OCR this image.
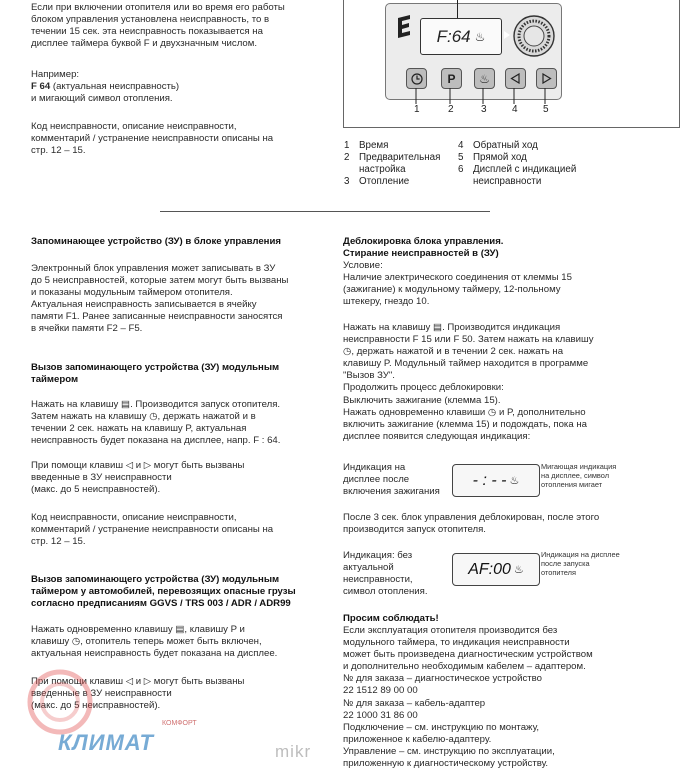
Если при включении отопителя или во время его работы
блоком управления установлена неисправность, то в
течении 15 сек. эта неисправность показывается на
дисплее таймера буквой F и двухзначным числом.
Например:
F 64 (актуальная неисправность)
и мигающий символ отопления.
Код неисправности, описание неисправности,
комментарий / устранение неисправности описаны на
стр. 12 – 15.
F:64 ♨
P ♨
1	2	3	4	5
1 Время
2 Предварительная настройка
3 Отопление
4 Обратный ход
5 Прямой ход
6 Дисплей с индикацией неисправности
Запоминающее устройство (ЗУ) в блоке управления
Электронный блок управления может записывать в ЗУ
до 5 неисправностей, которые затем могут быть вызваны
и показаны модульным таймером отопителя.
Актуальная неисправность записывается в ячейку
памяти F1. Ранее записанные неисправности заносятся
в ячейки памяти F2 – F5.
Вызов запоминающего устройства (ЗУ) модульным
таймером
Нажать на клавишу ▤. Производится запуск отопителя.
Затем нажать на клавишу ◷, держать нажатой и в
течении 2 сек. нажать на клавишу P, актуальная
неисправность будет показана на дисплее, напр. F : 64.
При помощи клавиш ◁ и ▷ могут быть вызваны
введенные в ЗУ неисправности
(макс. до 5 неисправностей).
Код неисправности, описание неисправности,
комментарий / устранение неисправности описаны на
стр. 12 – 15.
Вызов запоминающего устройства (ЗУ) модульным
таймером у автомобилей, перевозящих опасные грузы
согласно предписаниям GGVS / TRS 003 / ADR / ADR99
Нажать одновременно клавишу ▤, клавишу P и
клавишу ◷, отопитель теперь может быть включен,
актуальная неисправность будет показана на дисплее.
При помощи клавиш ◁ и ▷ могут быть вызваны
введенные в ЗУ неисправности
(макс. до 5 неисправностей).
Деблокировка блока управления.
Стирание неисправностей в (ЗУ)
Условие:
Наличие электрического соединения от клеммы 15
(зажигание) к модульному таймеру, 12-польному
штекеру, гнездо 10.
Нажать на клавишу ▤. Производится индикация
неисправности F 15 или F 50. Затем нажать на клавишу
◷, держать нажатой и в течении 2 сек. нажать на
клавишу P. Модульный таймер находится в программе
"Вызов ЗУ".
Продолжить процесс деблокировки:
Выключить зажигание (клемма 15).
Нажать одновременно клавиши ◷ и P, дополнительно
включить зажигание (клемма 15) и подождать, пока на
дисплее появится следующая индикация:
Индикация на
дисплее после
включения зажигания
- : - - ♨
Мигающая индикация
на дисплее, символ
отопления мигает
После 3 сек. блок управления деблокирован, после этого
производится запуск отопителя.
Индикация: без
актуальной
неисправности,
символ отопления.
AF:00 ♨
Индикация на дисплее
после запуска
отопителя
Просим соблюдать!
Если эксплуатация отопителя производится без
модульного таймера, то индикация неисправности
может быть произведена диагностическим устройством
и дополнительно необходимым кабелем – адаптером.
№ для заказа – диагностическое устройство
22 1512 89 00 00
№ для заказа – кабель-адаптер
22 1000 31 86 00
Подключение – см. инструкцию по монтажу,
приложенное к кабелю-адаптеру.
Управление – см. инструкцию по эксплуатации,
приложенную к диагностическому устройству.
КЛИМАТ
КОМФОРТ
mikr
